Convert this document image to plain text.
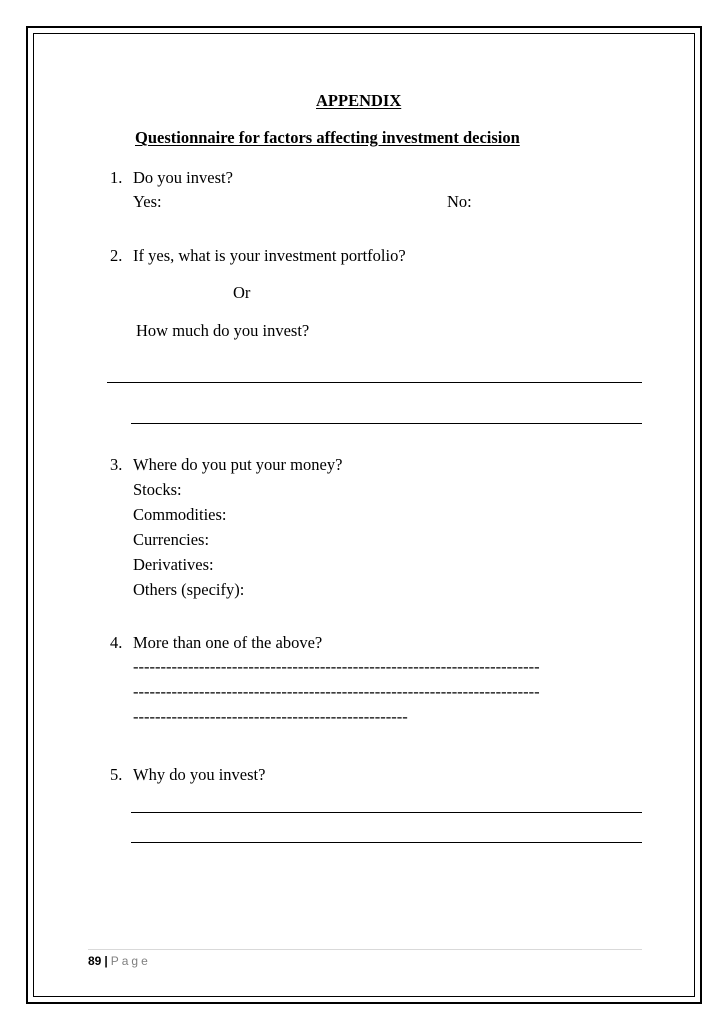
APPENDIX
Questionnaire for factors affecting investment decision
1. Do you invest?
Yes:	No:
2. If yes, what is your investment portfolio?
Or
How much do you invest?
3. Where do you put your money?
Stocks:
Commodities:
Currencies:
Derivatives:
Others (specify):
4. More than one of the above?
--------------------------------------------------------------------------
--------------------------------------------------------------------------
--------------------------------------------------
5. Why do you invest?
89 | Page
